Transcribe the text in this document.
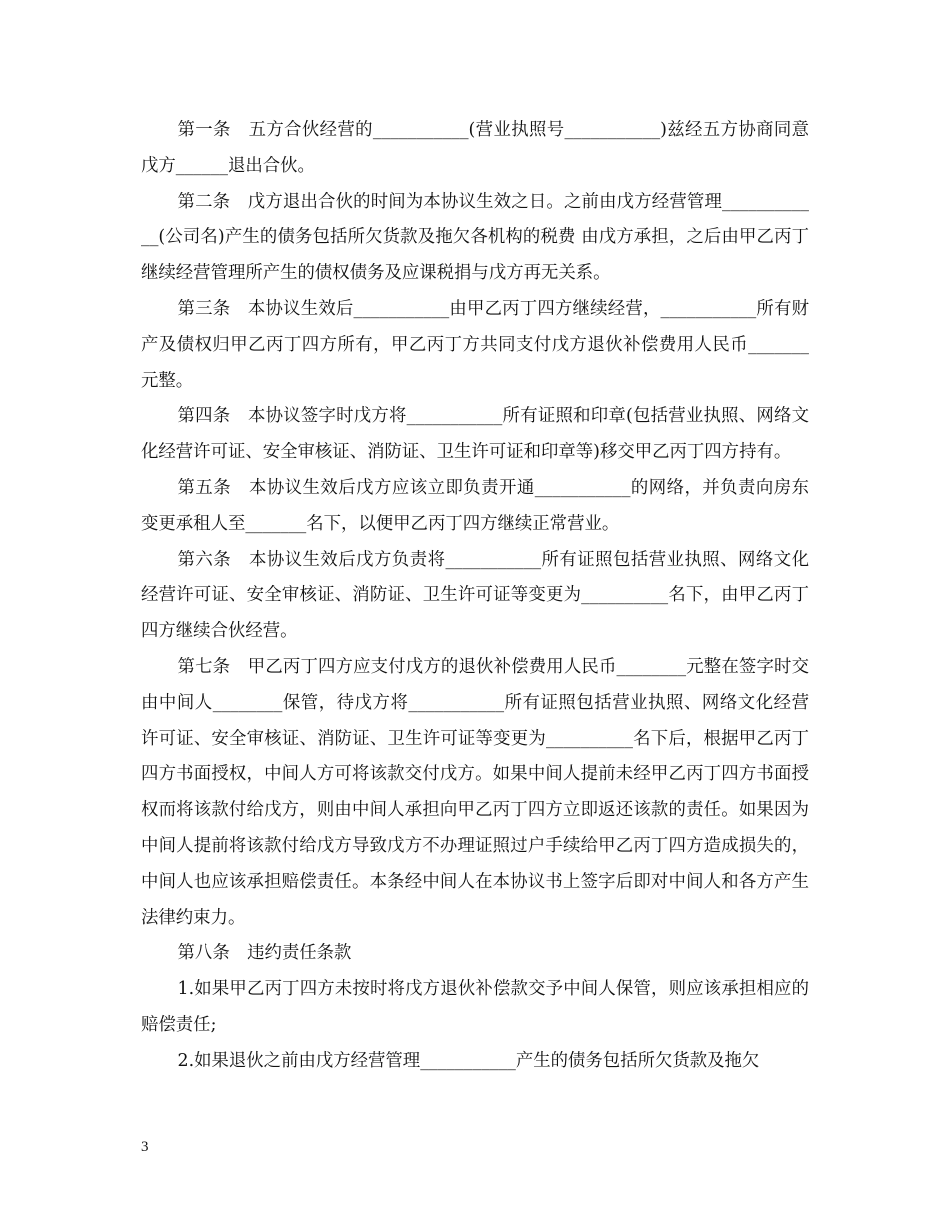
第一条　五方合伙经营的___________(营业执照号___________)兹经五方协商同意戊方______退出合伙。

第二条　戊方退出合伙的时间为本协议生效之日。之前由戊方经营管理____________(公司名)产生的债务包括所欠货款及拖欠各机构的税费 由戊方承担，之后由甲乙丙丁继续经营管理所产生的债权债务及应课税捐与戊方再无关系。

第三条　本协议生效后___________由甲乙丙丁四方继续经营，___________所有财产及债权归甲乙丙丁四方所有，甲乙丙丁方共同支付戊方退伙补偿费用人民币_______元整。

第四条　本协议签字时戊方将___________所有证照和印章(包括营业执照、网络文化经营许可证、安全审核证、消防证、卫生许可证和印章等)移交甲乙丙丁四方持有。

第五条　本协议生效后戊方应该立即负责开通___________的网络，并负责向房东变更承租人至_______名下，以便甲乙丙丁四方继续正常营业。

第六条　本协议生效后戊方负责将___________所有证照包括营业执照、网络文化经营许可证、安全审核证、消防证、卫生许可证等变更为__________名下，由甲乙丙丁四方继续合伙经营。

第七条　甲乙丙丁四方应支付戊方的退伙补偿费用人民币________元整在签字时交由中间人________保管，待戊方将___________所有证照包括营业执照、网络文化经营许可证、安全审核证、消防证、卫生许可证等变更为__________名下后，根据甲乙丙丁四方书面授权，中间人方可将该款交付戊方。如果中间人提前未经甲乙丙丁四方书面授权而将该款付给戊方，则由中间人承担向甲乙丙丁四方立即返还该款的责任。如果因为中间人提前将该款付给戊方导致戊方不办理证照过户手续给甲乙丙丁四方造成损失的，中间人也应该承担赔偿责任。本条经中间人在本协议书上签字后即对中间人和各方产生法律约束力。

第八条　违约责任条款

1.如果甲乙丙丁四方未按时将戊方退伙补偿款交予中间人保管，则应该承担相应的赔偿责任;

2.如果退伙之前由戊方经营管理___________产生的债务包括所欠货款及拖欠

3
